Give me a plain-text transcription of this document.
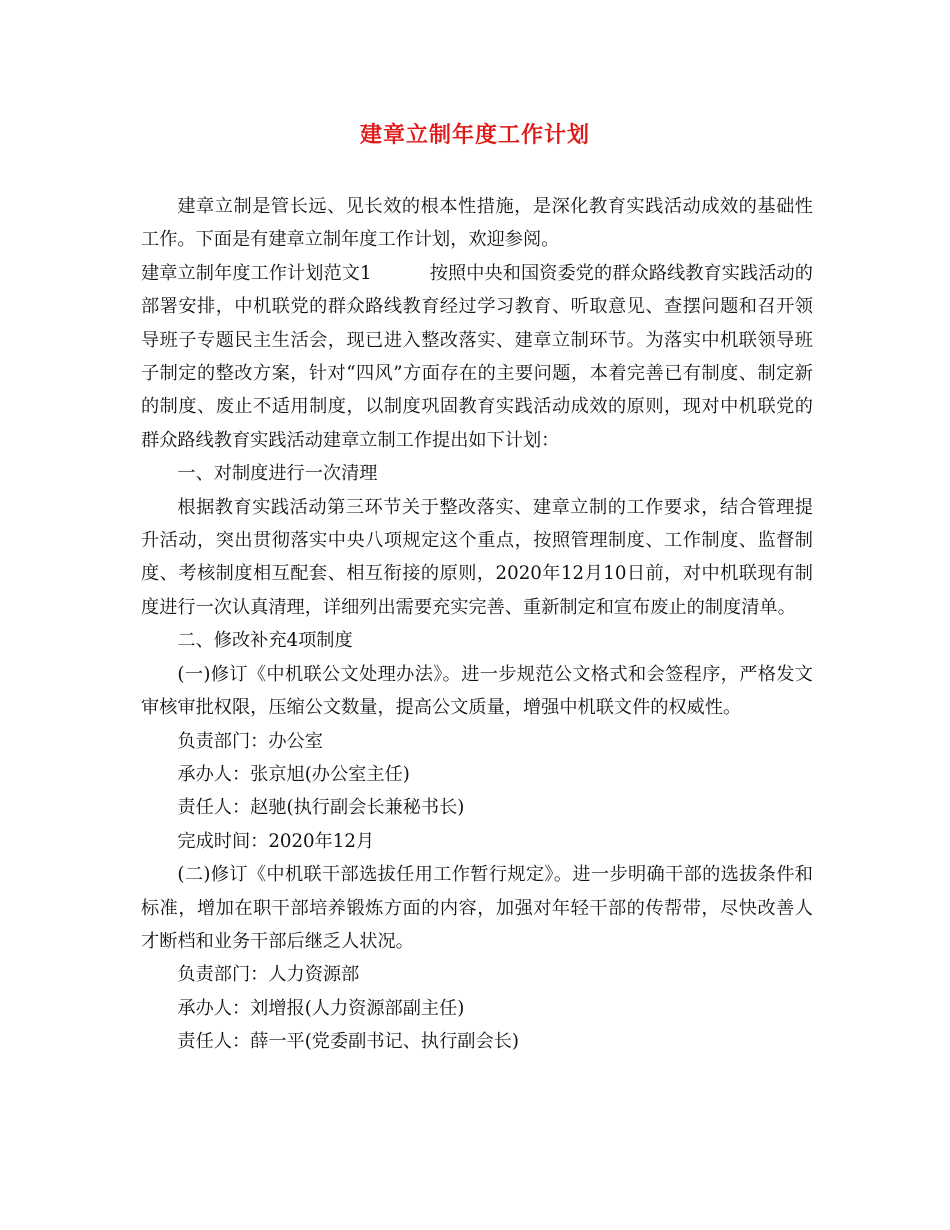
建章立制年度工作计划

建章立制是管长远、见长效的根本性措施，是深化教育实践活动成效的基础性工作。下面是有建章立制年度工作计划，欢迎参阅。

建章立制年度工作计划范文1	按照中央和国资委党的群众路线教育实践活动的部署安排，中机联党的群众路线教育经过学习教育、听取意见、查摆问题和召开领导班子专题民主生活会，现已进入整改落实、建章立制环节。为落实中机联领导班子制定的整改方案，针对“四风”方面存在的主要问题，本着完善已有制度、制定新的制度、废止不适用制度，以制度巩固教育实践活动成效的原则，现对中机联党的群众路线教育实践活动建章立制工作提出如下计划：

一、对制度进行一次清理

根据教育实践活动第三环节关于整改落实、建章立制的工作要求，结合管理提升活动，突出贯彻落实中央八项规定这个重点，按照管理制度、工作制度、监督制度、考核制度相互配套、相互衔接的原则，2020年12月10日前，对中机联现有制度进行一次认真清理，详细列出需要充实完善、重新制定和宣布废止的制度清单。

二、修改补充4项制度

(一)修订《中机联公文处理办法》。进一步规范公文格式和会签程序，严格发文审核审批权限，压缩公文数量，提高公文质量，增强中机联文件的权威性。

负责部门：办公室

承办人：张京旭(办公室主任)

责任人：赵驰(执行副会长兼秘书长)

完成时间：2020年12月

(二)修订《中机联干部选拔任用工作暂行规定》。进一步明确干部的选拔条件和标准，增加在职干部培养锻炼方面的内容，加强对年轻干部的传帮带，尽快改善人才断档和业务干部后继乏人状况。

负责部门：人力资源部

承办人：刘增报(人力资源部副主任)

责任人：薛一平(党委副书记、执行副会长)
